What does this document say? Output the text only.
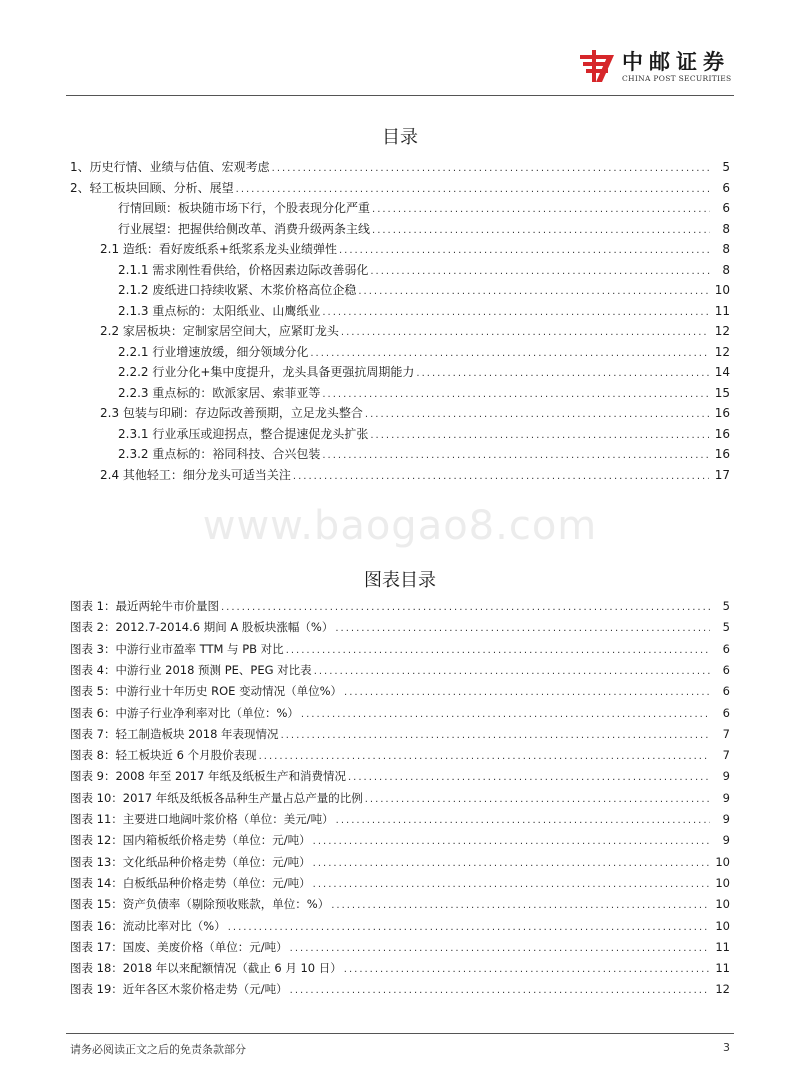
中邮证券
CHINA POST SECURITIES
目录
1、历史行情、业绩与估值、宏观考虑 .....	5
2、轻工板块回顾、分析、展望 .....	6
行情回顾：板块随市场下行，个股表现分化严重 .....	6
行业展望：把握供给侧改革、消费升级两条主线 .....	8
2.1 造纸：看好废纸系+纸浆系龙头业绩弹性 .....	8
2.1.1 需求刚性看供给，价格因素边际改善弱化 .....	8
2.1.2 废纸进口持续收紧、木浆价格高位企稳 .....	10
2.1.3 重点标的：太阳纸业、山鹰纸业 .....	11
2.2 家居板块：定制家居空间大，应紧盯龙头 .....	12
2.2.1 行业增速放缓，细分领域分化 .....	12
2.2.2 行业分化+集中度提升，龙头具备更强抗周期能力 .....	14
2.2.3 重点标的：欧派家居、索菲亚等 .....	15
2.3 包装与印刷：存边际改善预期，立足龙头整合 .....	16
2.3.1 行业承压或迎拐点，整合提速促龙头扩张 .....	16
2.3.2 重点标的：裕同科技、合兴包装 .....	16
2.4 其他轻工：细分龙头可适当关注 .....	17
www.baogao8.com
图表目录
图表 1：最近两轮牛市价量图 .....	5
图表 2：2012.7-2014.6 期间 A 股板块涨幅（%） .....	5
图表 3：中游行业市盈率 TTM 与 PB 对比 .....	6
图表 4：中游行业 2018 预测 PE、PEG 对比表 .....	6
图表 5：中游行业十年历史 ROE 变动情况（单位%） .....	6
图表 6：中游子行业净利率对比（单位：%） .....	6
图表 7：轻工制造板块 2018 年表现情况 .....	7
图表 8：轻工板块近 6 个月股价表现 .....	7
图表 9：2008 年至 2017 年纸及纸板生产和消费情况 .....	9
图表 10：2017 年纸及纸板各品种生产量占总产量的比例 .....	9
图表 11：主要进口地阔叶浆价格（单位：美元/吨） .....	9
图表 12：国内箱板纸价格走势（单位：元/吨） .....	9
图表 13：文化纸品种价格走势（单位：元/吨） .....	10
图表 14：白板纸品种价格走势（单位：元/吨） .....	10
图表 15：资产负债率（剔除预收账款，单位：%） .....	10
图表 16：流动比率对比（%） .....	10
图表 17：国废、美废价格（单位：元/吨） .....	11
图表 18：2018 年以来配额情况（截止 6 月 10 日） .....	11
图表 19：近年各区木浆价格走势（元/吨） .....	12
请务必阅读正文之后的免责条款部分	3
